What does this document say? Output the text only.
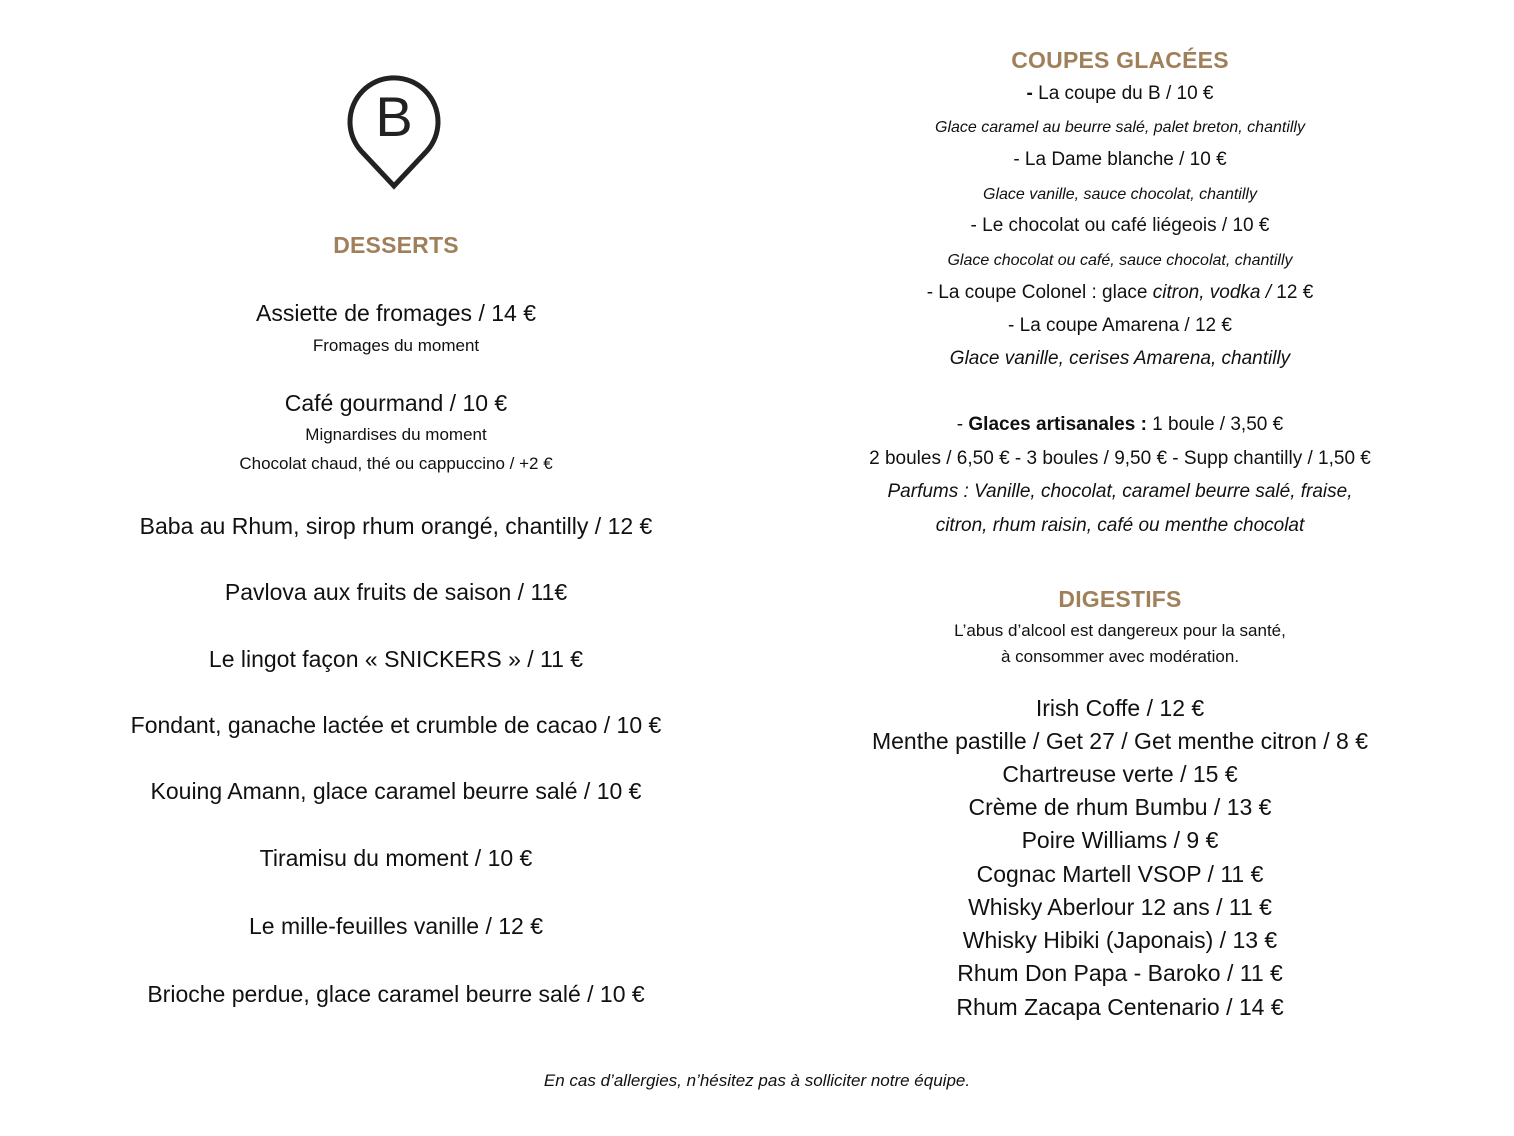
B
DESSERTS
Assiette de fromages / 14 €
Fromages du moment
Café gourmand / 10 €
Mignardises du moment
Chocolat chaud, thé ou cappuccino / +2 €
Baba au Rhum, sirop rhum orangé, chantilly / 12 €
Pavlova aux fruits de saison / 11€
Le lingot façon « SNICKERS » / 11 €
Fondant, ganache lactée et crumble de cacao / 10 €
Kouing Amann, glace caramel beurre salé / 10 €
Tiramisu du moment / 10 €
Le mille-feuilles vanille / 12 €
Brioche perdue, glace caramel beurre salé / 10 €
COUPES GLACÉES
- La coupe du B / 10 €
Glace caramel au beurre salé, palet breton, chantilly
- La Dame blanche / 10 €
Glace vanille, sauce chocolat, chantilly
- Le chocolat ou café liégeois / 10 €
Glace chocolat ou café, sauce chocolat, chantilly
- La coupe Colonel : glace citron, vodka / 12 €
- La coupe Amarena / 12 €
Glace vanille, cerises Amarena, chantilly
- Glaces artisanales : 1 boule / 3,50 €
2 boules / 6,50 € - 3 boules / 9,50 € - Supp chantilly / 1,50 €
Parfums : Vanille, chocolat, caramel beurre salé, fraise,
citron, rhum raisin, café ou menthe chocolat
DIGESTIFS
L’abus d’alcool est dangereux pour la santé,
à consommer avec modération.
Irish Coffe / 12 €
Menthe pastille / Get 27 / Get menthe citron / 8 €
Chartreuse verte / 15 €
Crème de rhum Bumbu / 13 €
Poire Williams / 9 €
Cognac Martell VSOP / 11 €
Whisky Aberlour 12 ans / 11 €
Whisky Hibiki (Japonais) / 13 €
Rhum Don Papa - Baroko / 11 €
Rhum Zacapa Centenario / 14 €
En cas d’allergies, n’hésitez pas à solliciter notre équipe.
